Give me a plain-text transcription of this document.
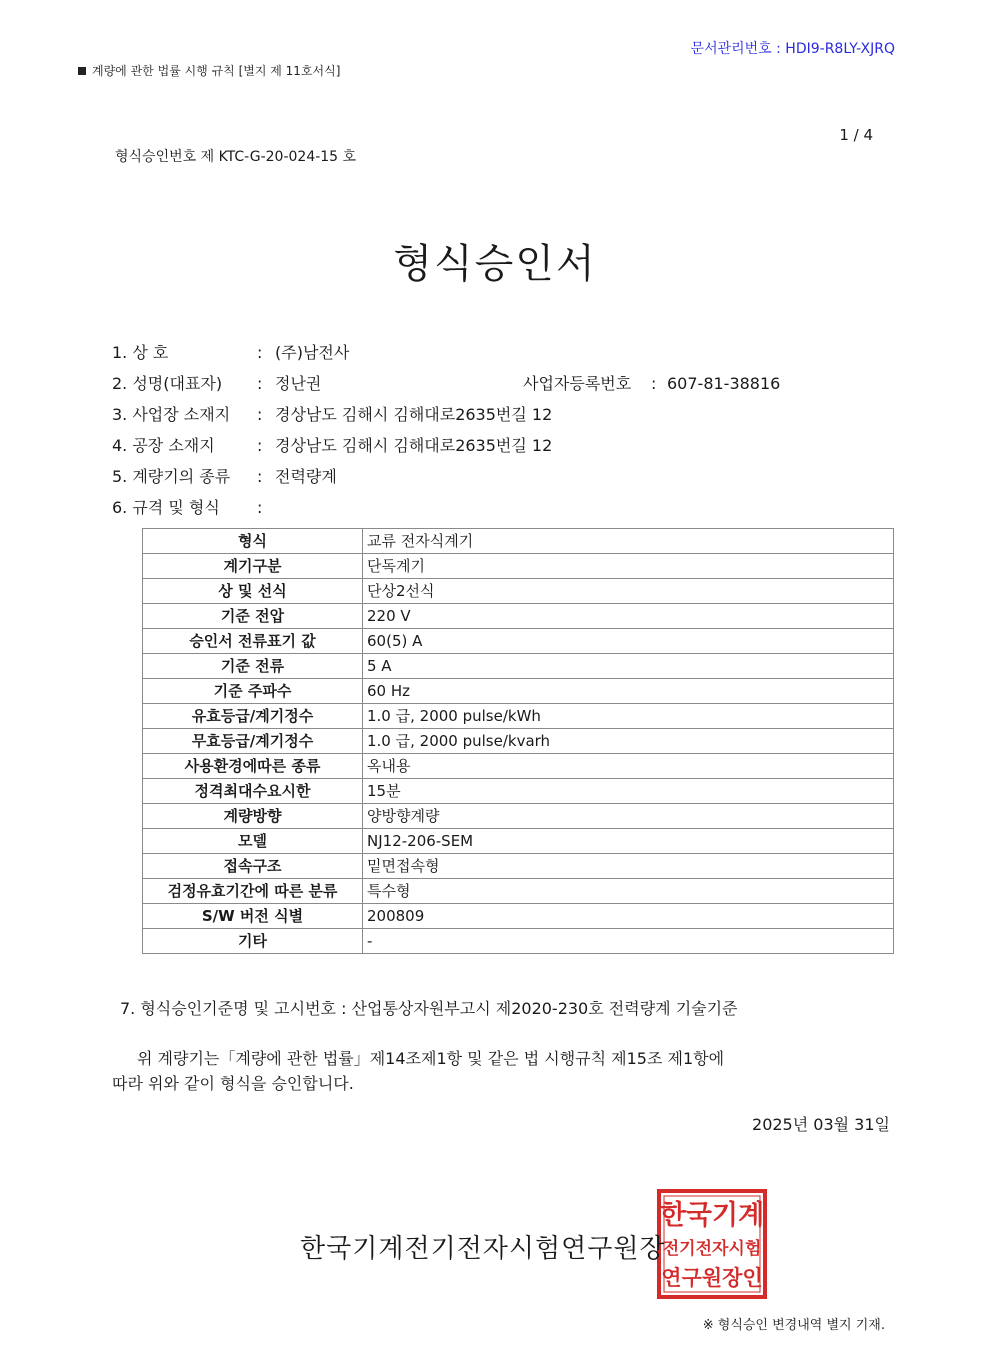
문서관리번호 : HDI9-R8LY-XJRQ
계량에 관한 법률 시행 규칙 [별지 제 11호서식]
1 / 4
형식승인번호 제 KTC-G-20-024-15 호
형식승인서
1. 상 호	: (주)남전사
2. 성명(대표자) : 정난권	사업자등록번호 : 607-81-38816
3. 사업장 소재지 : 경상남도 김해시 김해대로2635번길 12
4. 공장 소재지	: 경상남도 김해시 김해대로2635번길 12
5. 계량기의 종류 : 전력량계
6. 규격 및 형식 :
형식	교류 전자식계기
계기구분	단독계기
상 및 선식	단상2선식
기준 전압	220 V
승인서 전류표기 값	60(5) A
기준 전류	5 A
기준 주파수	60 Hz
유효등급/계기정수	1.0 급, 2000 pulse/kWh
무효등급/계기정수	1.0 급, 2000 pulse/kvarh
사용환경에따른 종류	옥내용
정격최대수요시한	15분
계량방향	양방향계량
모델	NJ12-206-SEM
접속구조	밑면접속형
검정유효기간에 따른 분류	특수형
S/W 버전 식별	200809
기타	-
7. 형식승인기준명 및 고시번호 : 산업통상자원부고시 제2020-230호 전력량계 기술기준
위 계량기는「계량에 관한 법률」제14조제1항 및 같은 법 시행규칙 제15조 제1항에
따라 위와 같이 형식을 승인합니다.
2025년 03월 31일
한국기계
전기전자시험
연구원장인
한국기계전기전자시험연구원장
※ 형식승인 변경내역 별지 기재.
